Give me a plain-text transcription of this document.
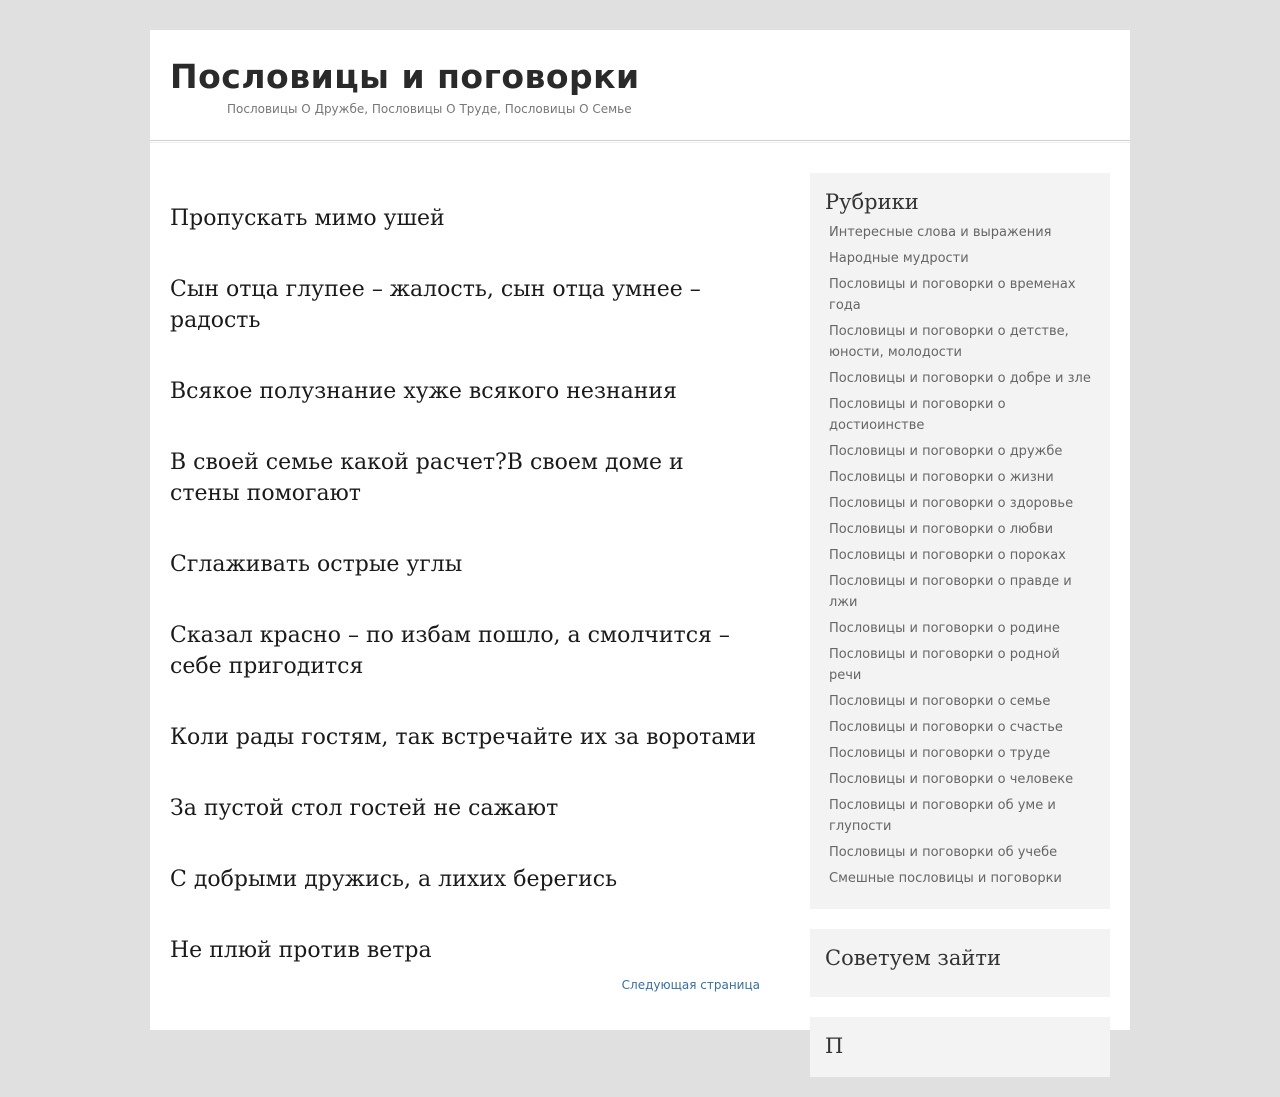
Пословицы и поговорки
Пословицы О Дружбе, Пословицы О Труде, Пословицы О Семье
Пропускать мимо ушей
Сын отца глупее – жалость, сын отца умнее – радость
Всякое полузнание хуже всякого незнания
В своей семье какой расчет?В своем доме и стены помогают
Сглаживать острые углы
Сказал красно – по избам пошло, а смолчится – себе пригодится
Коли рады гостям, так встречайте их за воротами
За пустой стол гостей не сажают
С добрыми дружись, а лихих берегись
Не плюй против ветра
Следующая страница
Рубрики
Интересные слова и выражения
Народные мудрости
Пословицы и поговорки о временах года
Пословицы и поговорки о детстве, юности, молодости
Пословицы и поговорки о добре и зле
Пословицы и поговорки о достиоинстве
Пословицы и поговорки о дружбе
Пословицы и поговорки о жизни
Пословицы и поговорки о здоровье
Пословицы и поговорки о любви
Пословицы и поговорки о пороках
Пословицы и поговорки о правде и лжи
Пословицы и поговорки о родине
Пословицы и поговорки о родной речи
Пословицы и поговорки о семье
Пословицы и поговорки о счастье
Пословицы и поговорки о труде
Пословицы и поговорки о человеке
Пословицы и поговорки об уме и глупости
Пословицы и поговорки об учебе
Смешные пословицы и поговорки
Советуем зайти
П
